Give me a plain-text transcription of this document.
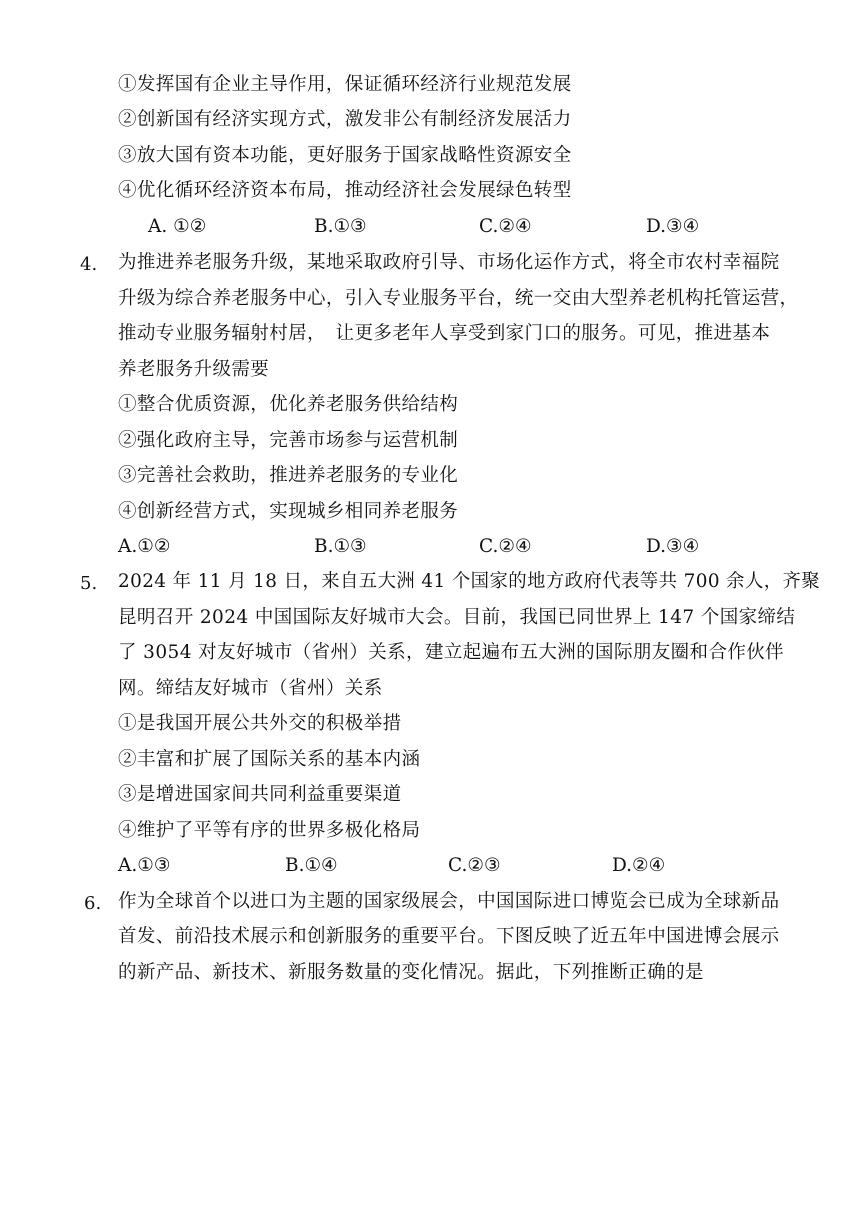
①发挥国有企业主导作用，保证循环经济行业规范发展
②创新国有经济实现方式，激发非公有制经济发展活力
③放大国有资本功能，更好服务于国家战略性资源安全
④优化循环经济资本布局，推动经济社会发展绿色转型
A. ①②	B.①③	C.②④	D.③④
4. 为推进养老服务升级，某地采取政府引导、市场化运作方式，将全市农村幸福院
升级为综合养老服务中心，引入专业服务平台，统一交由大型养老机构托管运营，
推动专业服务辐射村居，　让更多老年人享受到家门口的服务。可见，推进基本
养老服务升级需要
①整合优质资源，优化养老服务供给结构
②强化政府主导，完善市场参与运营机制
③完善社会救助，推进养老服务的专业化
④创新经营方式，实现城乡相同养老服务
A.①②	B.①③	C.②④	D.③④
5. 2024 年 11 月 18 日，来自五大洲 41 个国家的地方政府代表等共 700 余人，齐聚
昆明召开 2024 中国国际友好城市大会。目前，我国已同世界上 147 个国家缔结
了 3054 对友好城市（省州）关系，建立起遍布五大洲的国际朋友圈和合作伙伴
网。缔结友好城市（省州）关系
①是我国开展公共外交的积极举措
②丰富和扩展了国际关系的基本内涵
③是增进国家间共同利益重要渠道
④维护了平等有序的世界多极化格局
A.①③	B.①④	C.②③	D.②④
6. 作为全球首个以进口为主题的国家级展会，中国国际进口博览会已成为全球新品
首发、前沿技术展示和创新服务的重要平台。下图反映了近五年中国进博会展示
的新产品、新技术、新服务数量的变化情况。据此，下列推断正确的是
